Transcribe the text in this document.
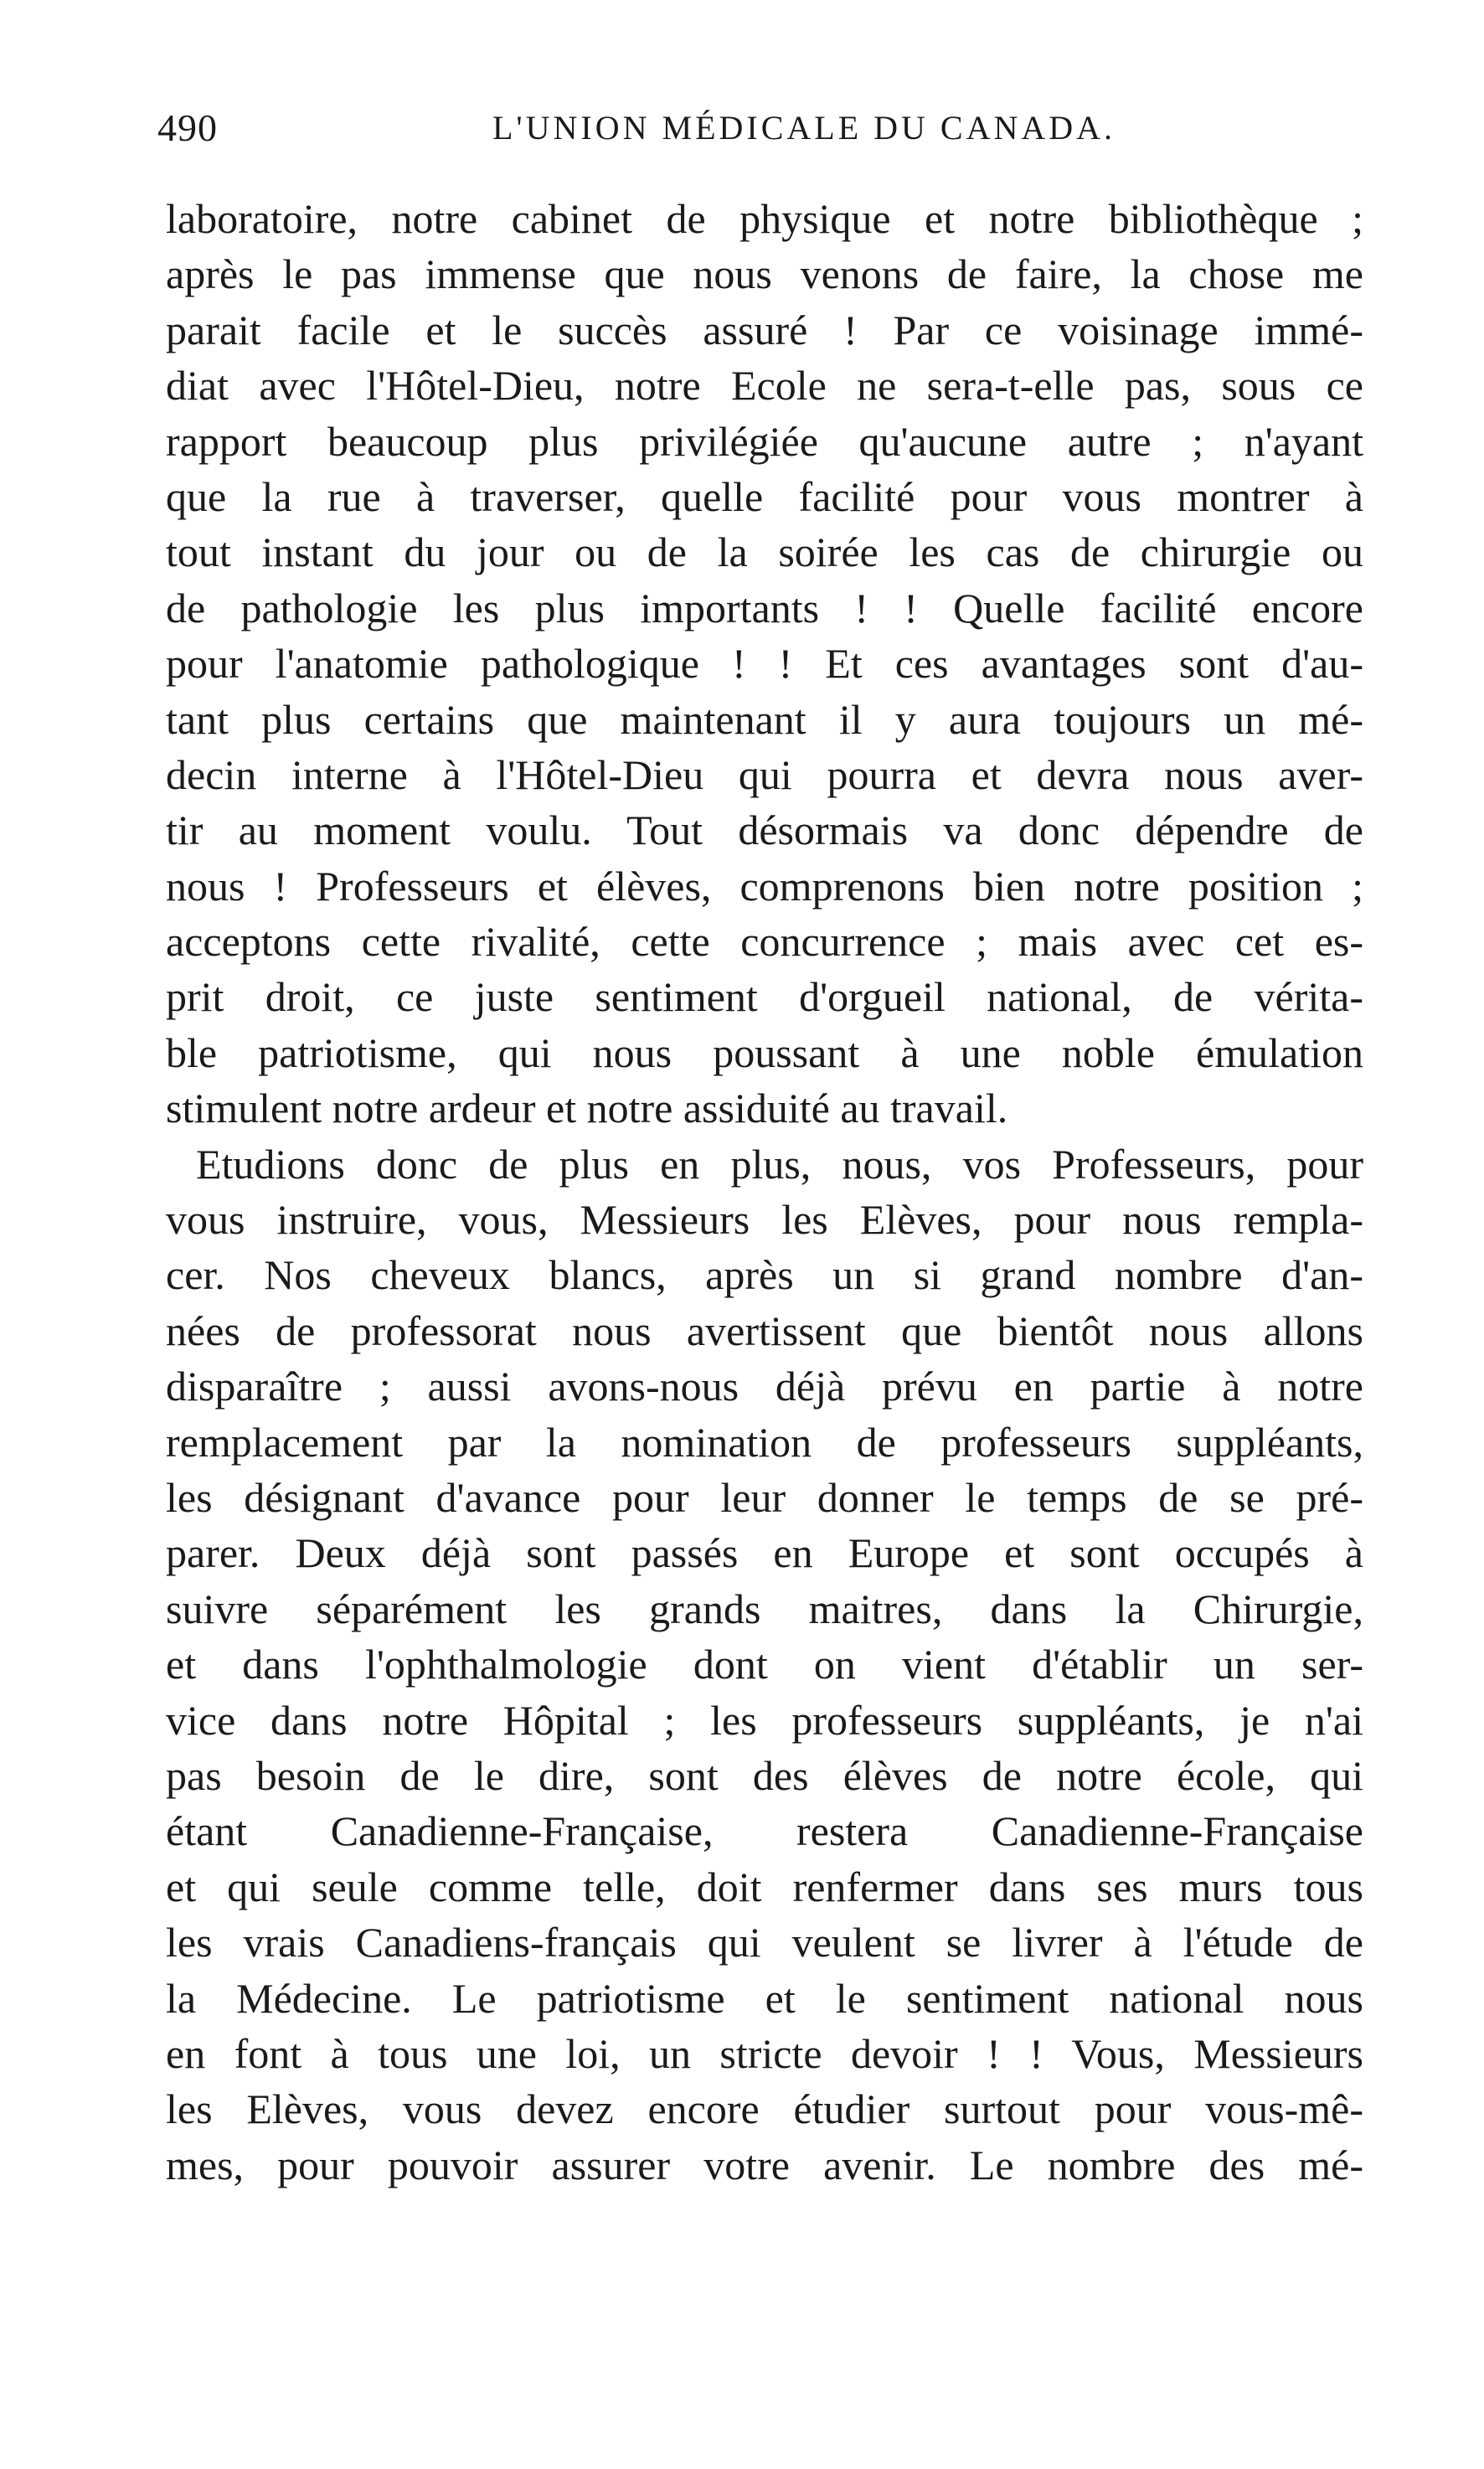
490	L'UNION MÉDICALE DU CANADA.
laboratoire, notre cabinet de physique et notre bibliothèque ;
après le pas immense que nous venons de faire, la chose me
parait facile et le succès assuré ! Par ce voisinage immé-
diat avec l'Hôtel-Dieu, notre Ecole ne sera-t-elle pas, sous ce
rapport beaucoup plus privilégiée qu'aucune autre ; n'ayant
que la rue à traverser, quelle facilité pour vous montrer à
tout instant du jour ou de la soirée les cas de chirurgie ou
de pathologie les plus importants ! ! Quelle facilité encore
pour l'anatomie pathologique ! ! Et ces avantages sont d'au-
tant plus certains que maintenant il y aura toujours un mé-
decin interne à l'Hôtel-Dieu qui pourra et devra nous aver-
tir au moment voulu. Tout désormais va donc dépendre de
nous ! Professeurs et élèves, comprenons bien notre position ;
acceptons cette rivalité, cette concurrence ; mais avec cet es-
prit droit, ce juste sentiment d'orgueil national, de vérita-
ble patriotisme, qui nous poussant à une noble émulation
stimulent notre ardeur et notre assiduité au travail.
Etudions donc de plus en plus, nous, vos Professeurs, pour
vous instruire, vous, Messieurs les Elèves, pour nous rempla-
cer. Nos cheveux blancs, après un si grand nombre d'an-
nées de professorat nous avertissent que bientôt nous allons
disparaître ; aussi avons-nous déjà prévu en partie à notre
remplacement par la nomination de professeurs suppléants,
les désignant d'avance pour leur donner le temps de se pré-
parer. Deux déjà sont passés en Europe et sont occupés à
suivre séparément les grands maitres, dans la Chirurgie,
et dans l'ophthalmologie dont on vient d'établir un ser-
vice dans notre Hôpital ; les professeurs suppléants, je n'ai
pas besoin de le dire, sont des élèves de notre école, qui
étant Canadienne-Française, restera Canadienne-Française
et qui seule comme telle, doit renfermer dans ses murs tous
les vrais Canadiens-français qui veulent se livrer à l'étude de
la Médecine. Le patriotisme et le sentiment national nous
en font à tous une loi, un stricte devoir ! ! Vous, Messieurs
les Elèves, vous devez encore étudier surtout pour vous-mê-
mes, pour pouvoir assurer votre avenir. Le nombre des mé-
